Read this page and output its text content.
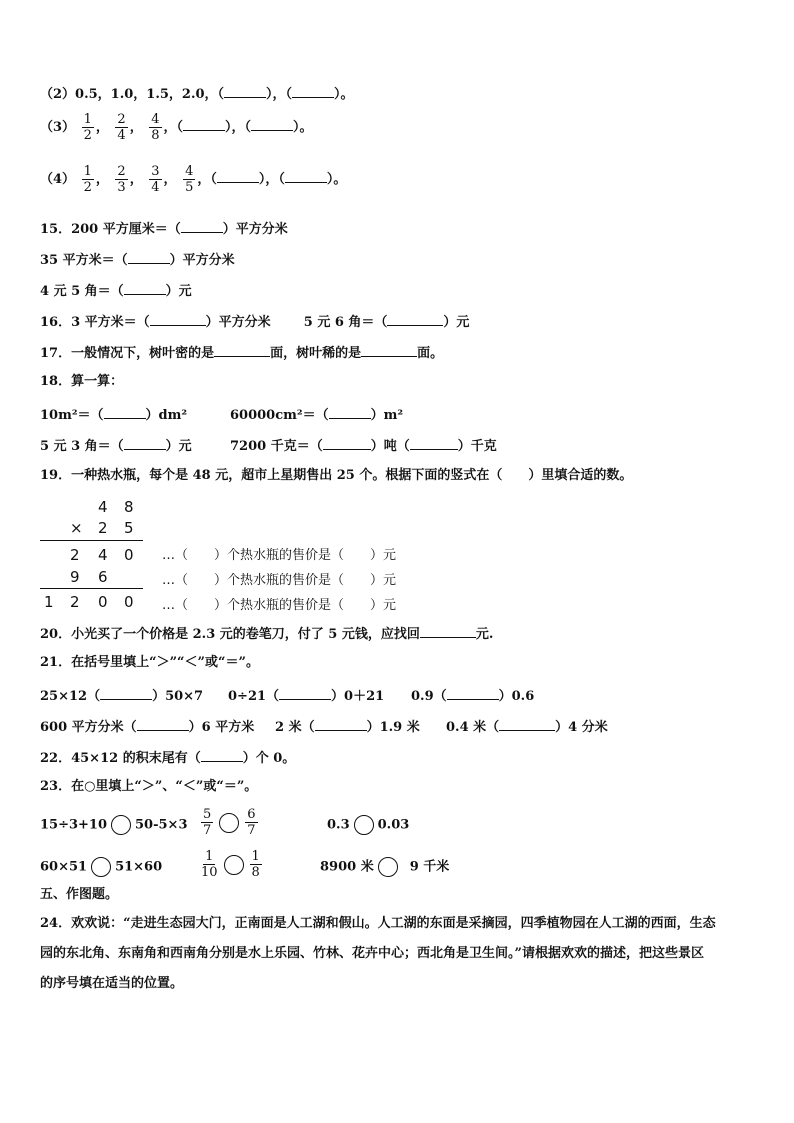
（2）0.5，1.0，1.5，2.0，（	），（	）。
$(3) \frac{1}{2}$ ， $\frac{2}{4}$ ， $\frac{4}{8}$ ，（	），（	）。
$(4) \frac{1}{2}$ ， $\frac{2}{3}$ ， $\frac{3}{4}$ ， $\frac{4}{5}$ ，（	），（	）。
15．200 平方厘米＝（	）平方分米
35 平方米＝（	）平方分米
4 元 5 角＝（	）元
16．3 平方米＝（	）平方分米	5 元 6 角＝（	）元
17．一般情况下，树叶密的是	面，树叶稀的是	面。
18．算一算：
10m²＝（	）dm²	60000cm²＝（	）m²
5 元 3 角＝（	）元	7200 千克＝（	）吨（	）千克
19．一种热水瓶，每个是 48 元，超市上星期售出 25 个。根据下面的竖式在（　　）里填合适的数。
4 8
× 2 5
2 4 0
9 6
1 2 0 0
…（　　）个热水瓶的售价是（　　）元
…（　　）个热水瓶的售价是（　　）元
…（　　）个热水瓶的售价是（　　）元
20．小光买了一个价格是 2.3 元的卷笔刀，付了 5 元钱，应找回	元.
21．在括号里填上“＞”“＜”或“＝”。
25×12（	）50×7 0÷21（	）0＋21 0.9（	）0.6
600 平方分米（	）6 平方米 2 米（	）1.9 米 0.4 米（	）4 分米
22．45×12 的积末尾有（	）个 0。
23．在○里填上“＞”、“＜”或“＝”。
15÷3+10 $50-5\times 3 \frac{5}{7} \frac{6}{7}$	0.3 0.03
60×51 51×60	$\frac{1}{10} \frac{1}{8}$	8900 米	9 千米
五、作图题。
24．欢欢说：“走进生态园大门，正南面是人工湖和假山。人工湖的东面是采摘园，四季植物园在人工湖的西面，生态
园的东北角、东南角和西南角分别是水上乐园、竹林、花卉中心；西北角是卫生间。”请根据欢欢的描述，把这些景区
的序号填在适当的位置。
